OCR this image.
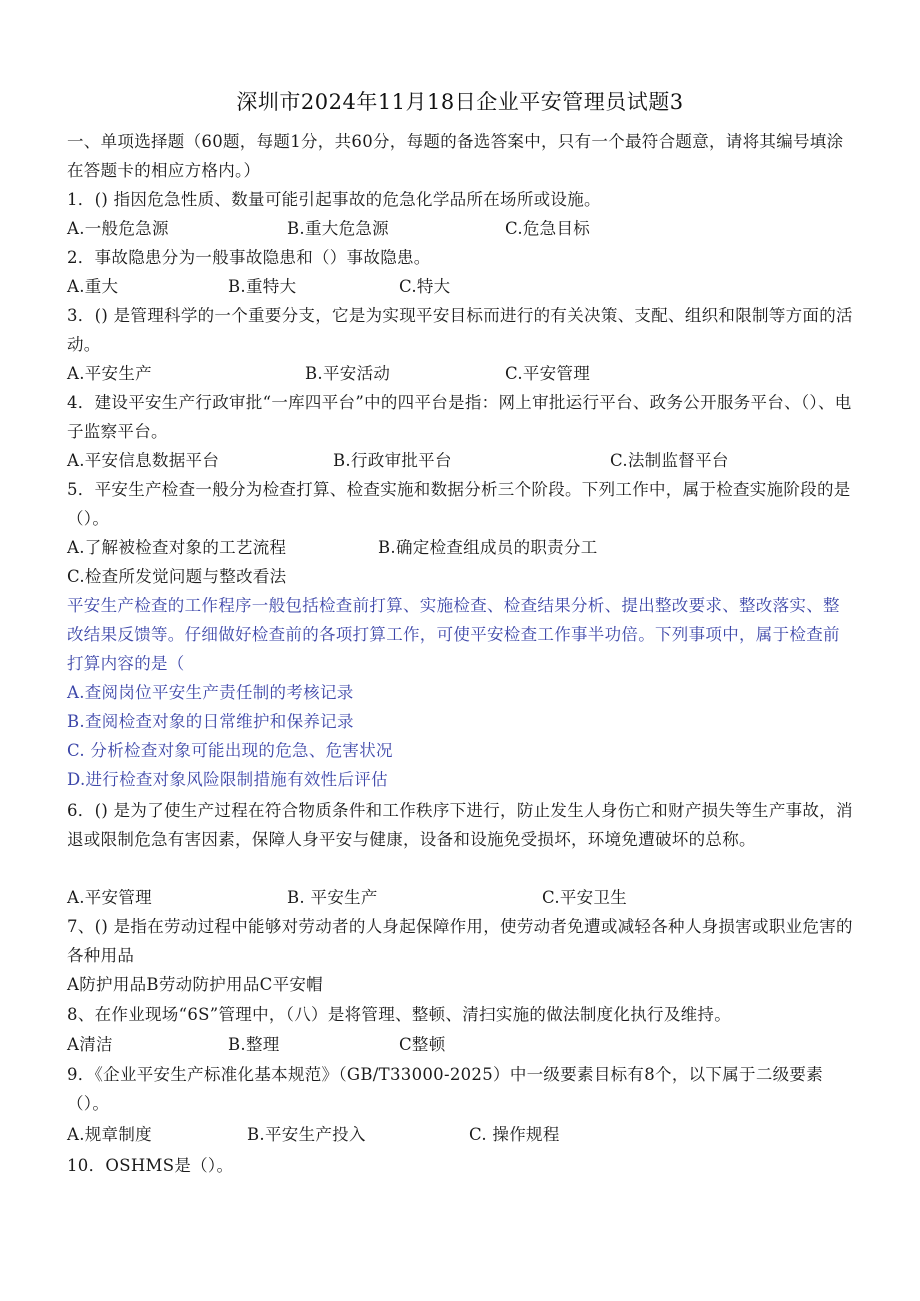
深圳市2024年11月18日企业平安管理员试题3
一、单项选择题（60题，每题1分，共60分，每题的备选答案中，只有一个最符合题意，请将其编号填涂在答题卡的相应方格内。）
1．() 指因危急性质、数量可能引起事故的危急化学品所在场所或设施。
A.一般危急源	B.重大危急源	C.危急目标
2．事故隐患分为一般事故隐患和（）事故隐患。
A.重大	B.重特大	C.特大
3．() 是管理科学的一个重要分支，它是为实现平安目标而进行的有关决策、支配、组织和限制等方面的活动。
A.平安生产	B.平安活动	C.平安管理
4．建设平安生产行政审批“一库四平台”中的四平台是指：网上审批运行平台、政务公开服务平台、（）、电子监察平台。
A.平安信息数据平台	B.行政审批平台	C.法制监督平台
5．平安生产检查一般分为检查打算、检查实施和数据分析三个阶段。下列工作中，属于检查实施阶段的是（）。
A.了解被检查对象的工艺流程	B.确定检查组成员的职责分工
C.检查所发觉问题与整改看法
平安生产检查的工作程序一般包括检查前打算、实施检查、检查结果分析、提出整改要求、整改落实、整改结果反馈等。仔细做好检查前的各项打算工作，可使平安检查工作事半功倍。下列事项中，属于检查前打算内容的是（
A.查阅岗位平安生产责任制的考核记录
B.查阅检查对象的日常维护和保养记录
C. 分析检查对象可能出现的危急、危害状况
D.进行检查对象风险限制措施有效性后评估
6．() 是为了使生产过程在符合物质条件和工作秩序下进行，防止发生人身伤亡和财产损失等生产事故，消退或限制危急有害因素，保障人身平安与健康，设备和设施免受损坏，环境免遭破坏的总称。
A.平安管理	B. 平安生产	C.平安卫生
7、() 是指在劳动过程中能够对劳动者的人身起保障作用，使劳动者免遭或减轻各种人身损害或职业危害的各种用品
A防护用品B劳动防护用品C平安帽
8、在作业现场“6S”管理中，（八）是将管理、整顿、清扫实施的做法制度化执行及维持。
A清洁	B.整理	C整顿
9．《企业平安生产标准化基本规范》（GB/T33000-2025）中一级要素目标有8个，以下属于二级要素（）。
A.规章制度	B.平安生产投入	C. 操作规程
10．OSHMS是（）。
